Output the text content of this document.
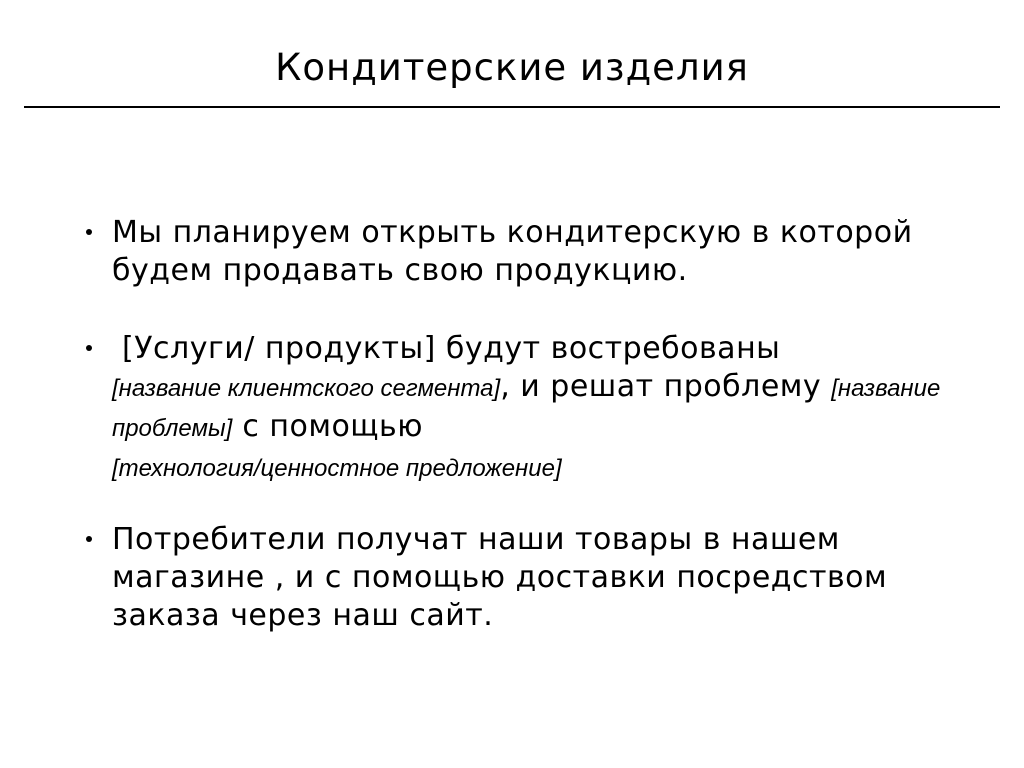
Кондитерские изделия
Мы планируем открыть кондитерскую в которой будем продавать свою продукцию.
[Услуги/ продукты] будут востребованы
[название клиентского сегмента], и решат проблему [название проблемы] с помощью
[технология/ценностное предложение]
Потребители получат наши товары в нашем магазине , и с помощью доставки посредством заказа через наш сайт.
